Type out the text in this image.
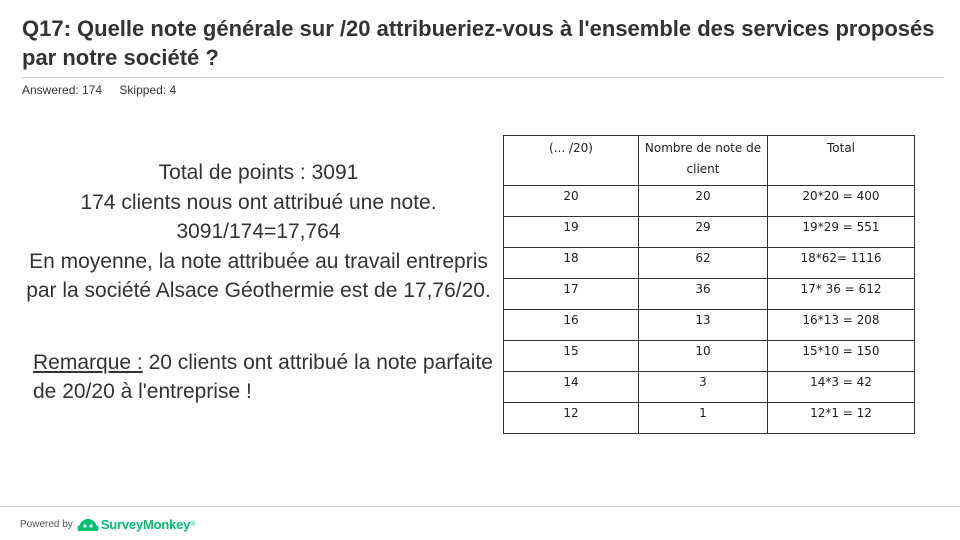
Q17: Quelle note générale sur /20 attribueriez-vous à l'ensemble des services proposés par notre société ?
Answered: 174 Skipped: 4
Total de points : 3091
174 clients nous ont attribué une note.
3091/174=17,764
En moyenne, la note attribuée au travail entrepris par la société Alsace Géothermie est de 17,76/20.
Remarque : 20 clients ont attribué la note parfaite de 20/20 à l'entreprise !
(... /20)	Nombre de note de client	Total
20	20	20*20 = 400
19	29	19*29 = 551
18	62	18*62= 1116
17	36	17* 36 = 612
16	13	16*13 = 208
15	10	15*10 = 150
14	3	14*3 = 42
12	1	12*1 = 12
Powered by SurveyMonkey ®
